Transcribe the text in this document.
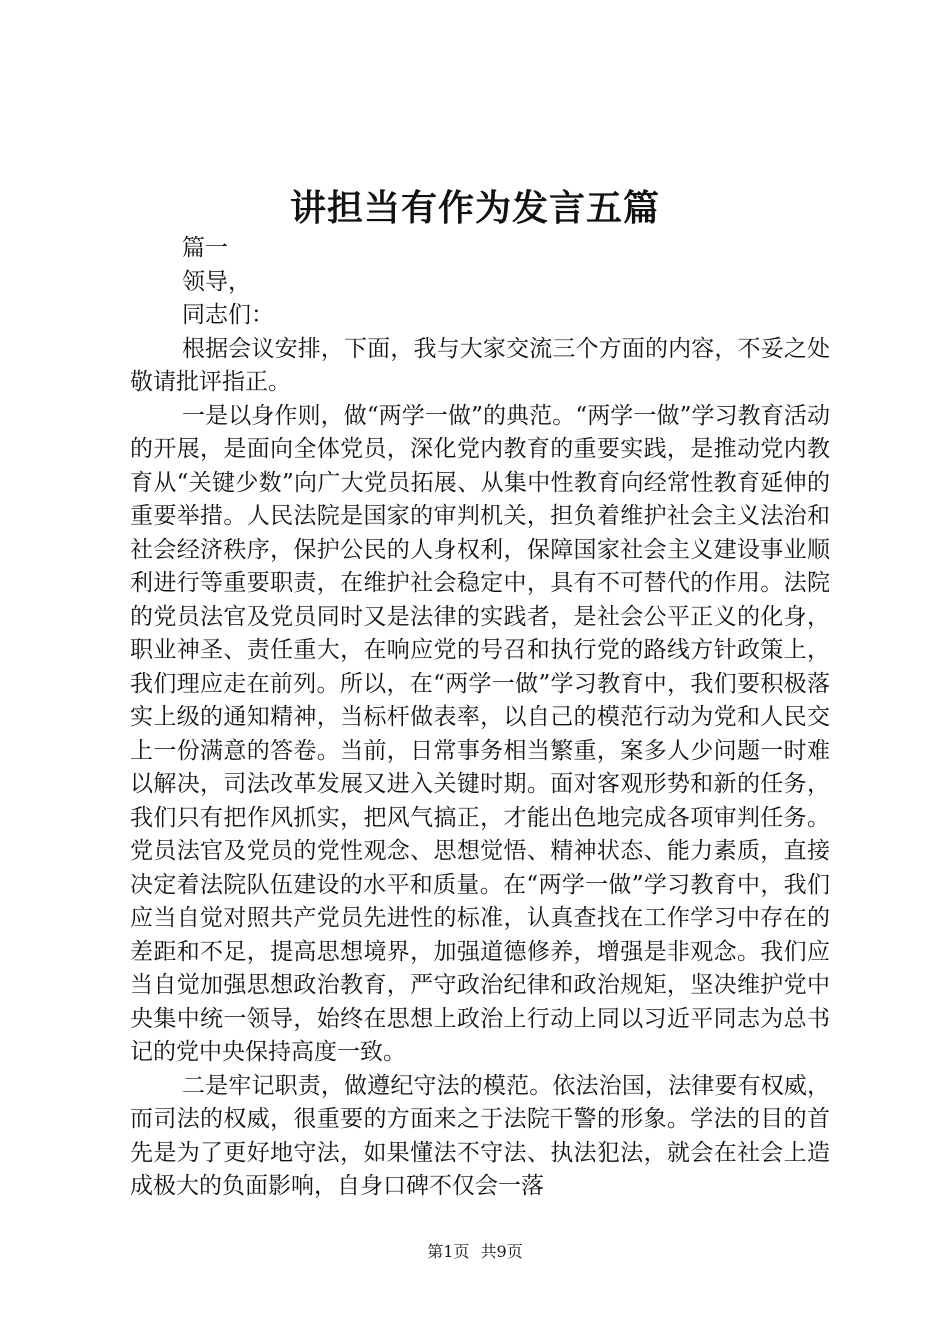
讲担当有作为发言五篇

篇一

领导，

同志们：

根据会议安排，下面，我与大家交流三个方面的内容，不妥之处敬请批评指正。

一是以身作则，做“两学一做”的典范。“两学一做”学习教育活动的开展，是面向全体党员，深化党内教育的重要实践，是推动党内教育从“关键少数”向广大党员拓展、从集中性教育向经常性教育延伸的重要举措。人民法院是国家的审判机关，担负着维护社会主义法治和社会经济秩序，保护公民的人身权利，保障国家社会主义建设事业顺利进行等重要职责，在维护社会稳定中，具有不可替代的作用。法院的党员法官及党员同时又是法律的实践者，是社会公平正义的化身，职业神圣、责任重大，在响应党的号召和执行党的路线方针政策上，我们理应走在前列。所以，在“两学一做”学习教育中，我们要积极落实上级的通知精神，当标杆做表率，以自己的模范行动为党和人民交上一份满意的答卷。当前，日常事务相当繁重，案多人少问题一时难以解决，司法改革发展又进入关键时期。面对客观形势和新的任务，我们只有把作风抓实，把风气搞正，才能出色地完成各项审判任务。党员法官及党员的党性观念、思想觉悟、精神状态、能力素质，直接决定着法院队伍建设的水平和质量。在“两学一做”学习教育中，我们应当自觉对照共产党员先进性的标准，认真查找在工作学习中存在的差距和不足，提高思想境界，加强道德修养，增强是非观念。我们应当自觉加强思想政治教育，严守政治纪律和政治规矩，坚决维护党中央集中统一领导，始终在思想上政治上行动上同以习近平同志为总书记的党中央保持高度一致。

二是牢记职责，做遵纪守法的模范。依法治国，法律要有权威，而司法的权威，很重要的方面来之于法院干警的形象。学法的目的首先是为了更好地守法，如果懂法不守法、执法犯法，就会在社会上造成极大的负面影响，自身口碑不仅会一落

第1页 共9页
